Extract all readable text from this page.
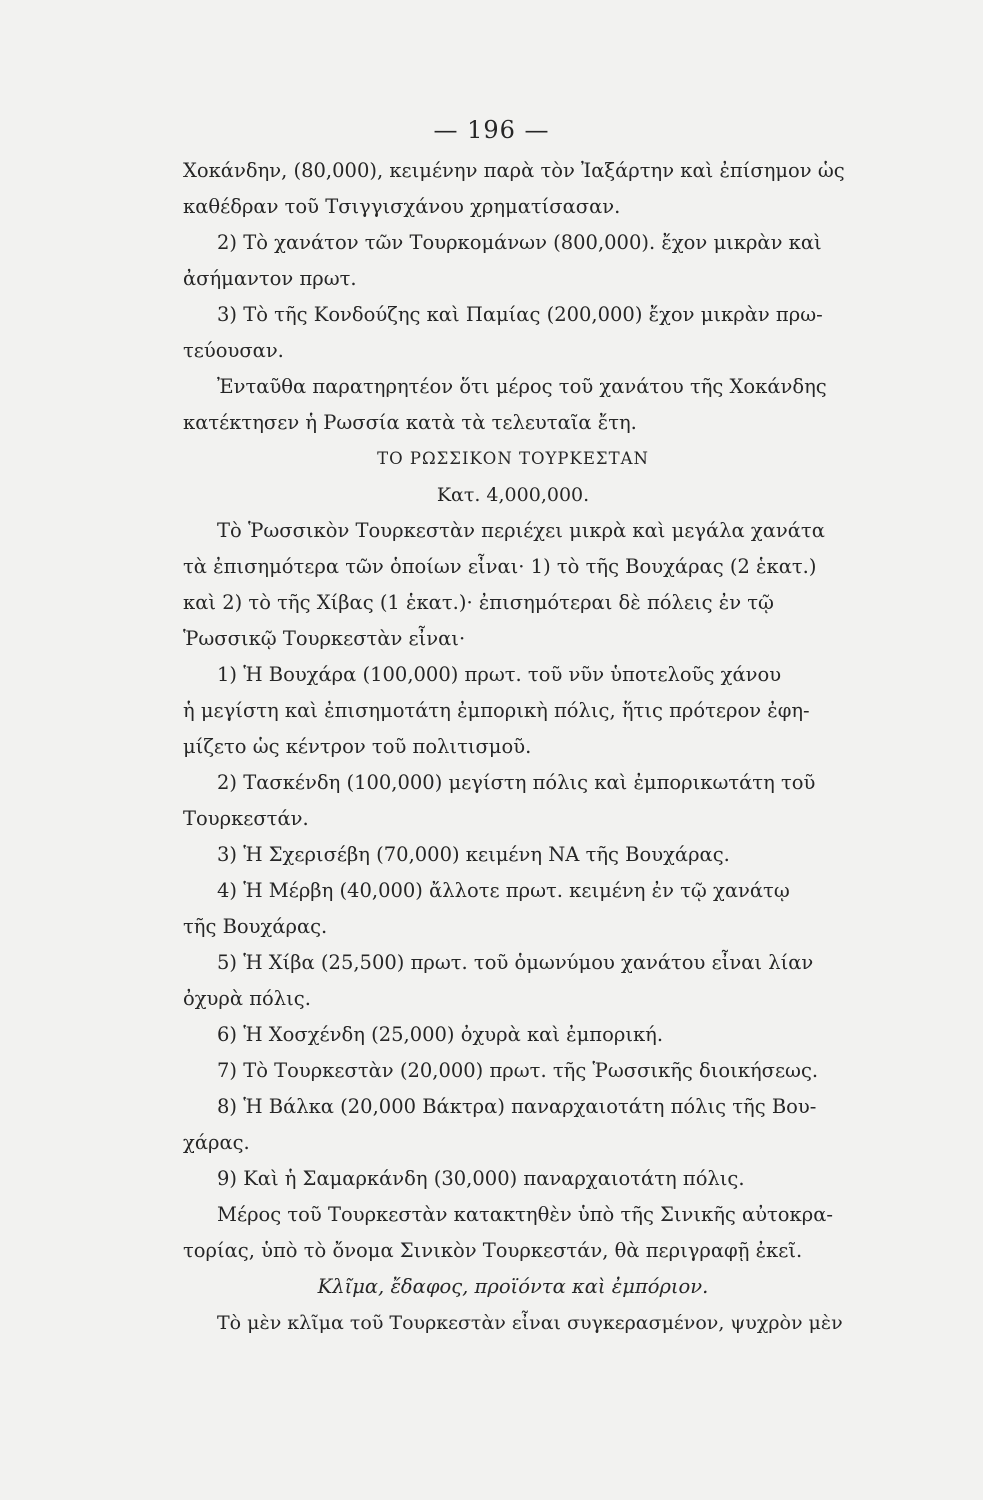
— 196 —
Χοκάνδην, (80,000), κειμένην παρὰ τὸν Ἰαξάρτην καὶ ἐπίσημον ὡς
καθέδραν τοῦ Τσιγγισχάνου χρηματίσασαν.
2) Τὸ χανάτον τῶν Τουρκομάνων (800,000). ἔχον μικρὰν καὶ
ἀσήμαντον πρωτ.
3) Τὸ τῆς Κονδούζης καὶ Παμίας (200,000) ἔχον μικρὰν πρω-
τεύουσαν.
Ἐνταῦθα παρατηρητέον ὅτι μέρος τοῦ χανάτου τῆς Χοκάνδης
κατέκτησεν ἡ Ρωσσία κατὰ τὰ τελευταῖα ἔτη.
ΤΟ ΡΩΣΣΙΚΟΝ ΤΟΥΡΚΕΣΤΑΝ
Κατ. 4,000,000.
Τὸ Ῥωσσικὸν Τουρκεστὰν περιέχει μικρὰ καὶ μεγάλα χανάτα
τὰ ἐπισημότερα τῶν ὁποίων εἶναι· 1) τὸ τῆς Βουχάρας (2 ἑκατ.)
καὶ 2) τὸ τῆς Χίβας (1 ἑκατ.)· ἐπισημότεραι δὲ πόλεις ἐν τῷ
Ῥωσσικῷ Τουρκεστὰν εἶναι·
1) Ἡ Βουχάρα (100,000) πρωτ. τοῦ νῦν ὑποτελοῦς χάνου
ἡ μεγίστη καὶ ἐπισημοτάτη ἐμπορικὴ πόλις, ἥτις πρότερον ἐφη-
μίζετο ὡς κέντρον τοῦ πολιτισμοῦ.
2) Τασκένδη (100,000) μεγίστη πόλις καὶ ἐμπορικωτάτη τοῦ
Τουρκεστάν.
3) Ἡ Σχερισέβη (70,000) κειμένη ΝΑ τῆς Βουχάρας.
4) Ἡ Μέρβη (40,000) ἄλλοτε πρωτ. κειμένη ἐν τῷ χανάτῳ
τῆς Βουχάρας.
5) Ἡ Χίβα (25,500) πρωτ. τοῦ ὁμωνύμου χανάτου εἶναι λίαν
ὀχυρὰ πόλις.
6) Ἡ Χοσχένδη (25,000) ὀχυρὰ καὶ ἐμπορική.
7) Τὸ Τουρκεστὰν (20,000) πρωτ. τῆς Ῥωσσικῆς διοικήσεως.
8) Ἡ Βάλκα (20,000 Βάκτρα) παναρχαιοτάτη πόλις τῆς Βου-
χάρας.
9) Καὶ ἡ Σαμαρκάνδη (30,000) παναρχαιοτάτη πόλις.
Μέρος τοῦ Τουρκεστὰν κατακτηθὲν ὑπὸ τῆς Σινικῆς αὐτοκρα-
τορίας, ὑπὸ τὸ ὄνομα Σινικὸν Τουρκεστάν, θὰ περιγραφῇ ἐκεῖ.
Κλῖμα, ἔδαφος, προϊόντα καὶ ἐμπόριον.
Τὸ μὲν κλῖμα τοῦ Τουρκεστὰν εἶναι συγκερασμένον, ψυχρὸν μὲν
